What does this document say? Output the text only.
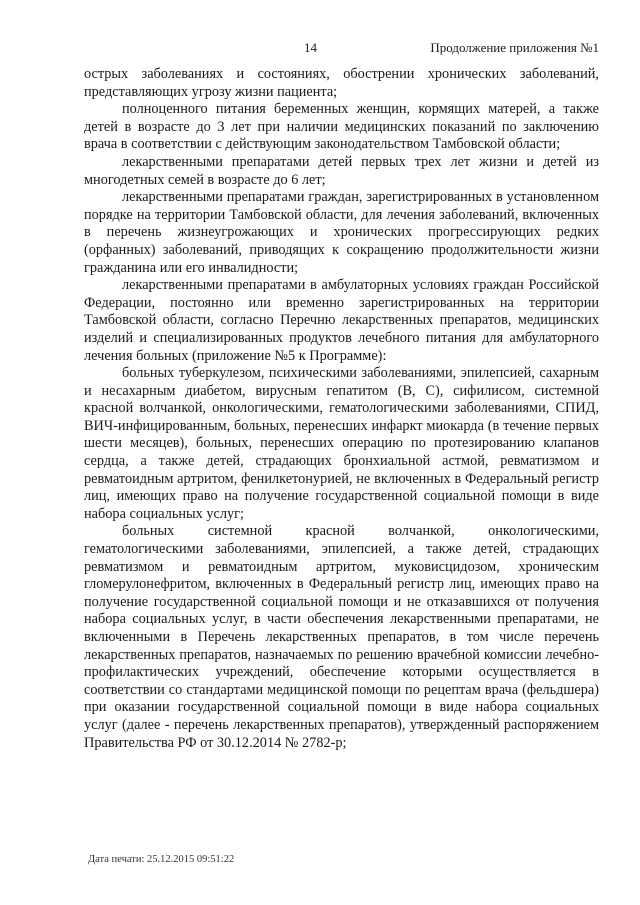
14	Продолжение приложения №1

острых заболеваниях и состояниях, обострении хронических заболеваний, представляющих угрозу жизни пациента;

полноценного питания беременных женщин, кормящих матерей, а также детей в возрасте до 3 лет при наличии медицинских показаний по заключению врача в соответствии с действующим законодательством Тамбовской области;

лекарственными препаратами детей первых трех лет жизни и детей из многодетных семей в возрасте до 6 лет;

лекарственными препаратами граждан, зарегистрированных в установленном порядке на территории Тамбовской области, для лечения заболеваний, включенных в перечень жизнеугрожающих и хронических прогрессирующих редких (орфанных) заболеваний, приводящих к сокращению продолжительности жизни гражданина или его инвалидности;

лекарственными препаратами в амбулаторных условиях граждан Российской Федерации, постоянно или временно зарегистрированных на территории Тамбовской области, согласно Перечню лекарственных препаратов, медицинских изделий и специализированных продуктов лечебного питания для амбулаторного лечения больных (приложение №5 к Программе):

больных туберкулезом, психическими заболеваниями, эпилепсией, сахарным и несахарным диабетом, вирусным гепатитом (В, С), сифилисом, системной красной волчанкой, онкологическими, гематологическими заболеваниями, СПИД, ВИЧ-инфицированным, больных, перенесших инфаркт миокарда (в течение первых шести месяцев), больных, перенесших операцию по протезированию клапанов сердца, а также детей, страдающих бронхиальной астмой, ревматизмом и ревматоидным артритом, фенилкетонурией, не включенных в Федеральный регистр лиц, имеющих право на получение государственной социальной помощи в виде набора социальных услуг;

больных системной красной волчанкой, онкологическими, гематологическими заболеваниями, эпилепсией, а также детей, страдающих ревматизмом и ревматоидным артритом, муковисцидозом, хроническим гломерулонефритом, включенных в Федеральный регистр лиц, имеющих право на получение государственной социальной помощи и не отказавшихся от получения набора социальных услуг, в части обеспечения лекарственными препаратами, не включенными в Перечень лекарственных препаратов, в том числе перечень лекарственных препаратов, назначаемых по решению врачебной комиссии лечебно-профилактических учреждений, обеспечение которыми осуществляется в соответствии со стандартами медицинской помощи по рецептам врача (фельдшера) при оказании государственной социальной помощи в виде набора социальных услуг (далее - перечень лекарственных препаратов), утвержденный распоряжением Правительства РФ от 30.12.2014 № 2782-р;

Дата печати: 25.12.2015 09:51:22
